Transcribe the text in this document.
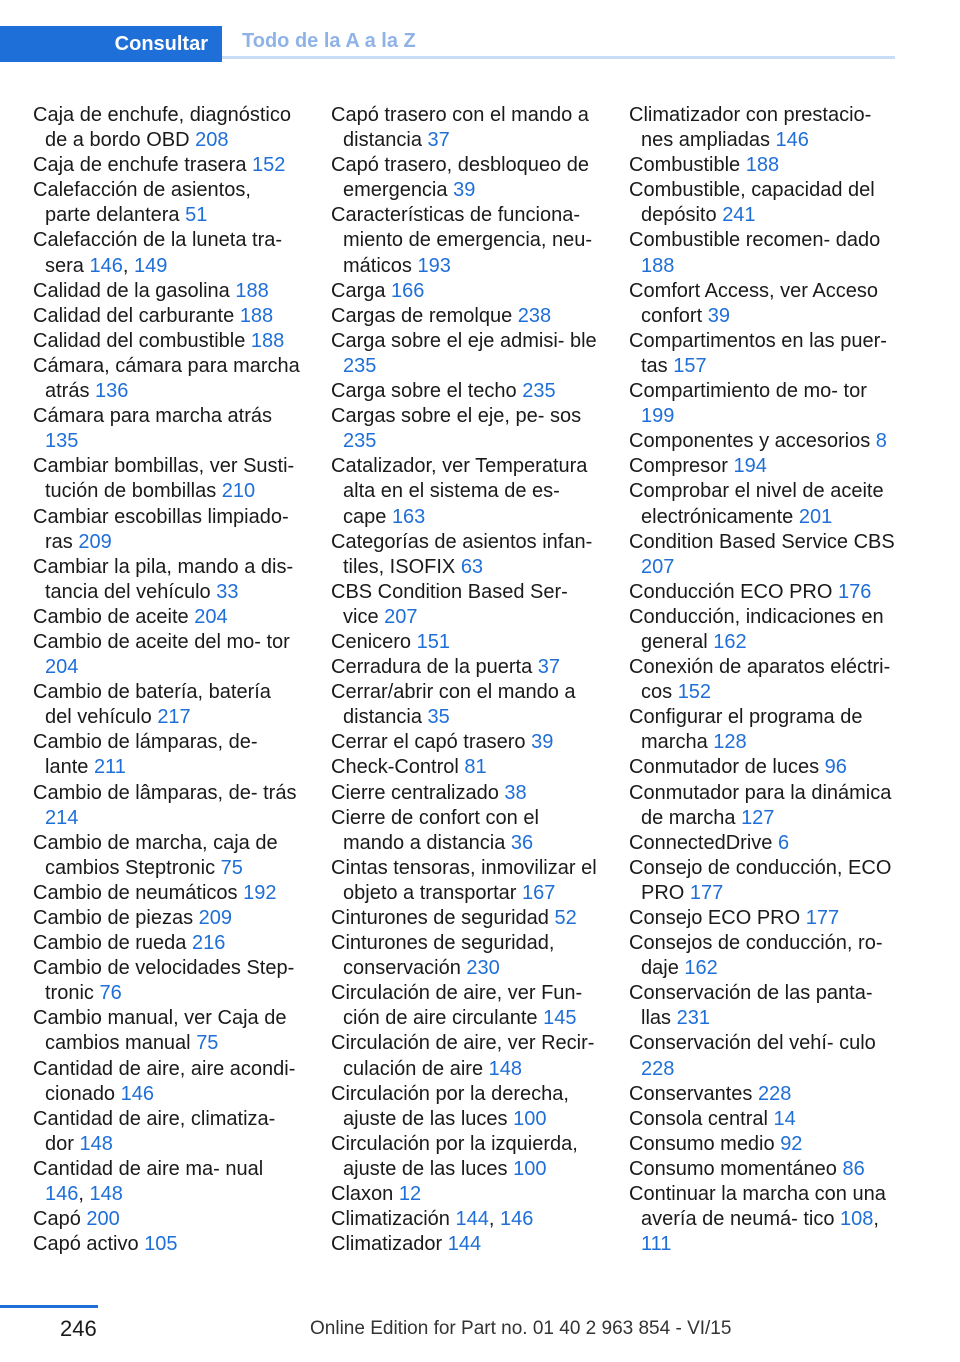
Consultar	Todo de la A a la Z
Caja de enchufe, diagnóstico de a bordo OBD 208
Caja de enchufe trasera 152
Calefacción de asientos, parte delantera 51
Calefacción de la luneta tra‐ sera 146, 149
Calidad de la gasolina 188
Calidad del carburante 188
Calidad del combustible 188
Cámara, cámara para marcha atrás 136
Cámara para marcha atrás 135
Cambiar bombillas, ver Susti‐ tución de bombillas 210
Cambiar escobillas limpiado‐ ras 209
Cambiar la pila, mando a dis‐ tancia del vehículo 33
Cambio de aceite 204
Cambio de aceite del mo‐ tor 204
Cambio de batería, batería del vehículo 217
Cambio de lámparas, de‐ lante 211
Cambio de lâmparas, de‐ trás 214
Cambio de marcha, caja de cambios Steptronic 75
Cambio de neumáticos 192
Cambio de piezas 209
Cambio de rueda 216
Cambio de velocidades Step‐ tronic 76
Cambio manual, ver Caja de cambios manual 75
Cantidad de aire, aire acondi‐ cionado 146
Cantidad de aire, climatiza‐ dor 148
Cantidad de aire ma‐ nual 146, 148
Capó 200
Capó activo 105
Capó trasero con el mando a distancia 37
Capó trasero, desbloqueo de emergencia 39
Características de funciona‐ miento de emergencia, neu‐ máticos 193
Carga 166
Cargas de remolque 238
Carga sobre el eje admisi‐ ble 235
Carga sobre el techo 235
Cargas sobre el eje, pe‐ sos 235
Catalizador, ver Temperatura alta en el sistema de es‐ cape 163
Categorías de asientos infan‐ tiles, ISOFIX 63
CBS Condition Based Ser‐ vice 207
Cenicero 151
Cerradura de la puerta 37
Cerrar/abrir con el mando a distancia 35
Cerrar el capó trasero 39
Check-Control 81
Cierre centralizado 38
Cierre de confort con el mando a distancia 36
Cintas tensoras, inmovilizar el objeto a transportar 167
Cinturones de seguridad 52
Cinturones de seguridad, conservación 230
Circulación de aire, ver Fun‐ ción de aire circulante 145
Circulación de aire, ver Recir‐ culación de aire 148
Circulación por la derecha, ajuste de las luces 100
Circulación por la izquierda, ajuste de las luces 100
Claxon 12
Climatización 144, 146
Climatizador 144
Climatizador con prestacio‐ nes ampliadas 146
Combustible 188
Combustible, capacidad del depósito 241
Combustible recomen‐ dado 188
Comfort Access, ver Acceso confort 39
Compartimentos en las puer‐ tas 157
Compartimiento de mo‐ tor 199
Componentes y accesorios 8
Compresor 194
Comprobar el nivel de aceite electrónicamente 201
Condition Based Service CBS 207
Conducción ECO PRO 176
Conducción, indicaciones en general 162
Conexión de aparatos eléctri‐ cos 152
Configurar el programa de marcha 128
Conmutador de luces 96
Conmutador para la dinámica de marcha 127
ConnectedDrive 6
Consejo de conducción, ECO PRO 177
Consejo ECO PRO 177
Consejos de conducción, ro‐ daje 162
Conservación de las panta‐ llas 231
Conservación del vehí‐ culo 228
Conservantes 228
Consola central 14
Consumo medio 92
Consumo momentáneo 86
Continuar la marcha con una avería de neumá‐ tico 108, 111
246	Online Edition for Part no. 01 40 2 963 854 - VI/15
